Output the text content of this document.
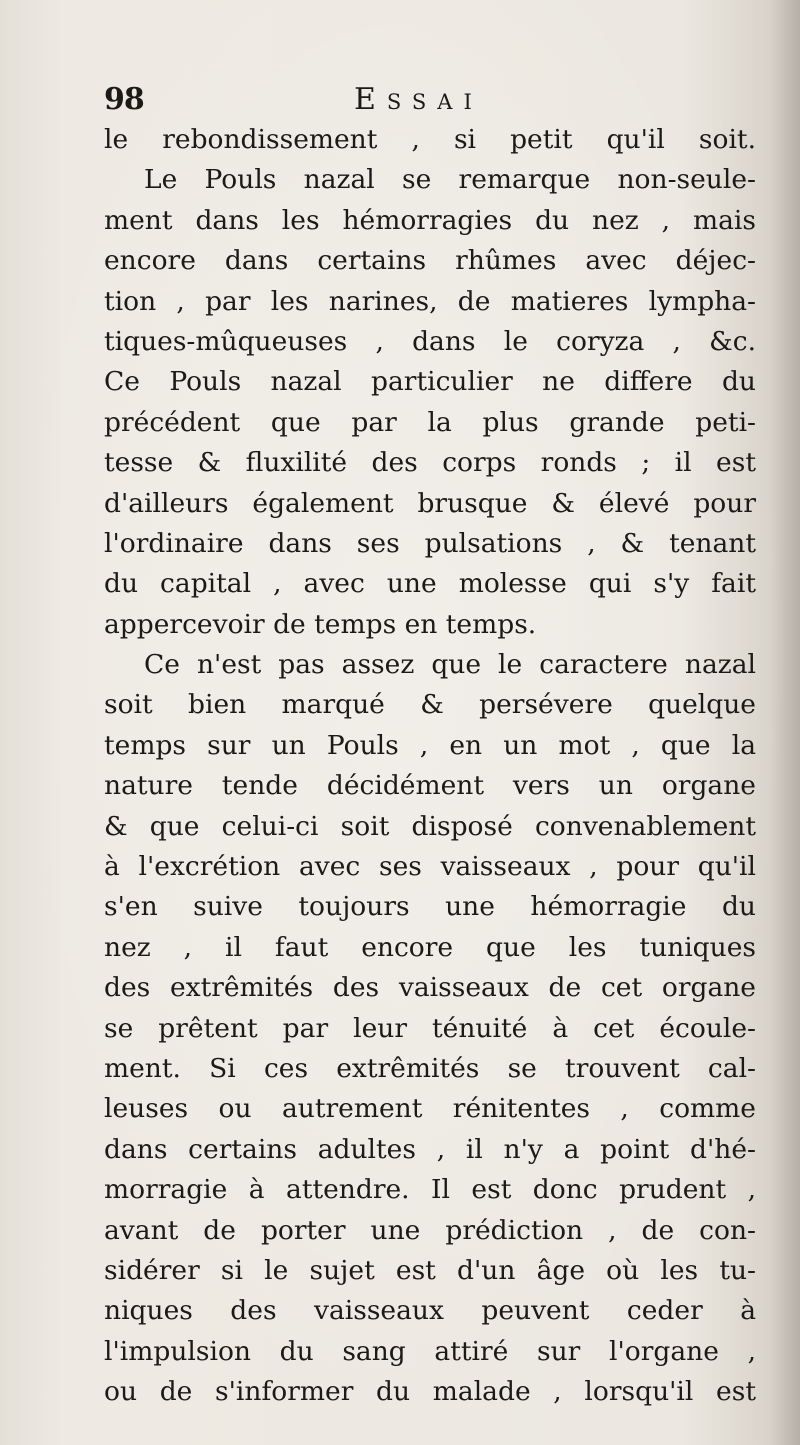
98	Essai
le rebondissement , si petit qu'il soit.
Le Pouls nazal se remarque non-seule-
ment dans les hémorragies du nez , mais
encore dans certains rhûmes avec déjec-
tion , par les narines, de matieres lympha-
tiques-mûqueuses , dans le coryza , &c.
Ce Pouls nazal particulier ne differe du
précédent que par la plus grande peti-
tesse & fluxilité des corps ronds ; il est
d'ailleurs également brusque & élevé pour
l'ordinaire dans ses pulsations , & tenant
du capital , avec une molesse qui s'y fait
appercevoir de temps en temps.
Ce n'est pas assez que le caractere nazal
soit bien marqué & persévere quelque
temps sur un Pouls , en un mot , que la
nature tende décidément vers un organe
& que celui-ci soit disposé convenablement
à l'excrétion avec ses vaisseaux , pour qu'il
s'en suive toujours une hémorragie du
nez , il faut encore que les tuniques
des extrêmités des vaisseaux de cet organe
se prêtent par leur ténuité à cet écoule-
ment. Si ces extrêmités se trouvent cal-
leuses ou autrement rénitentes , comme
dans certains adultes , il n'y a point d'hé-
morragie à attendre. Il est donc prudent ,
avant de porter une prédiction , de con-
sidérer si le sujet est d'un âge où les tu-
niques des vaisseaux peuvent ceder à
l'impulsion du sang attiré sur l'organe ,
ou de s'informer du malade , lorsqu'il est
